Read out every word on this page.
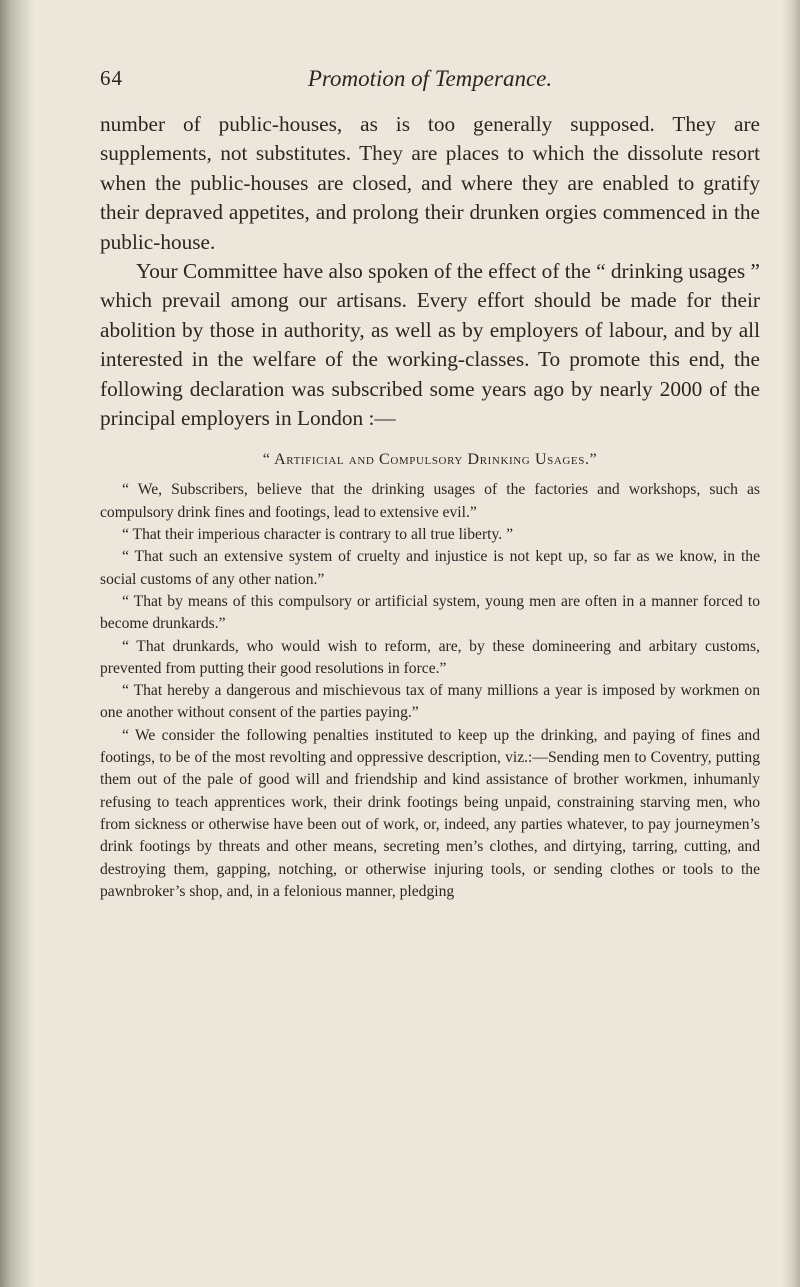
64	Promotion of Temperance.

number of public-houses, as is too generally supposed. They are supplements, not substitutes. They are places to which the dissolute resort when the public-houses are closed, and where they are enabled to gratify their depraved appetites, and prolong their drunken orgies commenced in the public-house.

Your Committee have also spoken of the effect of the “ drinking usages ” which prevail among our artisans. Every effort should be made for their abolition by those in authority, as well as by employers of labour, and by all interested in the welfare of the working-classes. To promote this end, the following declaration was subscribed some years ago by nearly 2000 of the principal employers in London :—

“ Artificial and Compulsory Drinking Usages.”

“ We, Subscribers, believe that the drinking usages of the factories and workshops, such as compulsory drink fines and footings, lead to extensive evil.”

“ That their imperious character is contrary to all true liberty. ”

“ That such an extensive system of cruelty and injustice is not kept up, so far as we know, in the social customs of any other nation.”

“ That by means of this compulsory or artificial system, young men are often in a manner forced to become drunkards.”

“ That drunkards, who would wish to reform, are, by these domineering and arbitary customs, prevented from putting their good resolutions in force.”

“ That hereby a dangerous and mischievous tax of many millions a year is imposed by workmen on one another without consent of the parties paying.”

“ We consider the following penalties instituted to keep up the drinking, and paying of fines and footings, to be of the most revolting and oppressive description, viz.:—Sending men to Coventry, putting them out of the pale of good will and friendship and kind assistance of brother workmen, inhumanly refusing to teach apprentices work, their drink footings being unpaid, constraining starving men, who from sickness or otherwise have been out of work, or, indeed, any parties whatever, to pay journeymen’s drink footings by threats and other means, secreting men’s clothes, and dirtying, tarring, cutting, and destroying them, gapping, notching, or otherwise injuring tools, or sending clothes or tools to the pawnbroker’s shop, and, in a felonious manner, pledging
